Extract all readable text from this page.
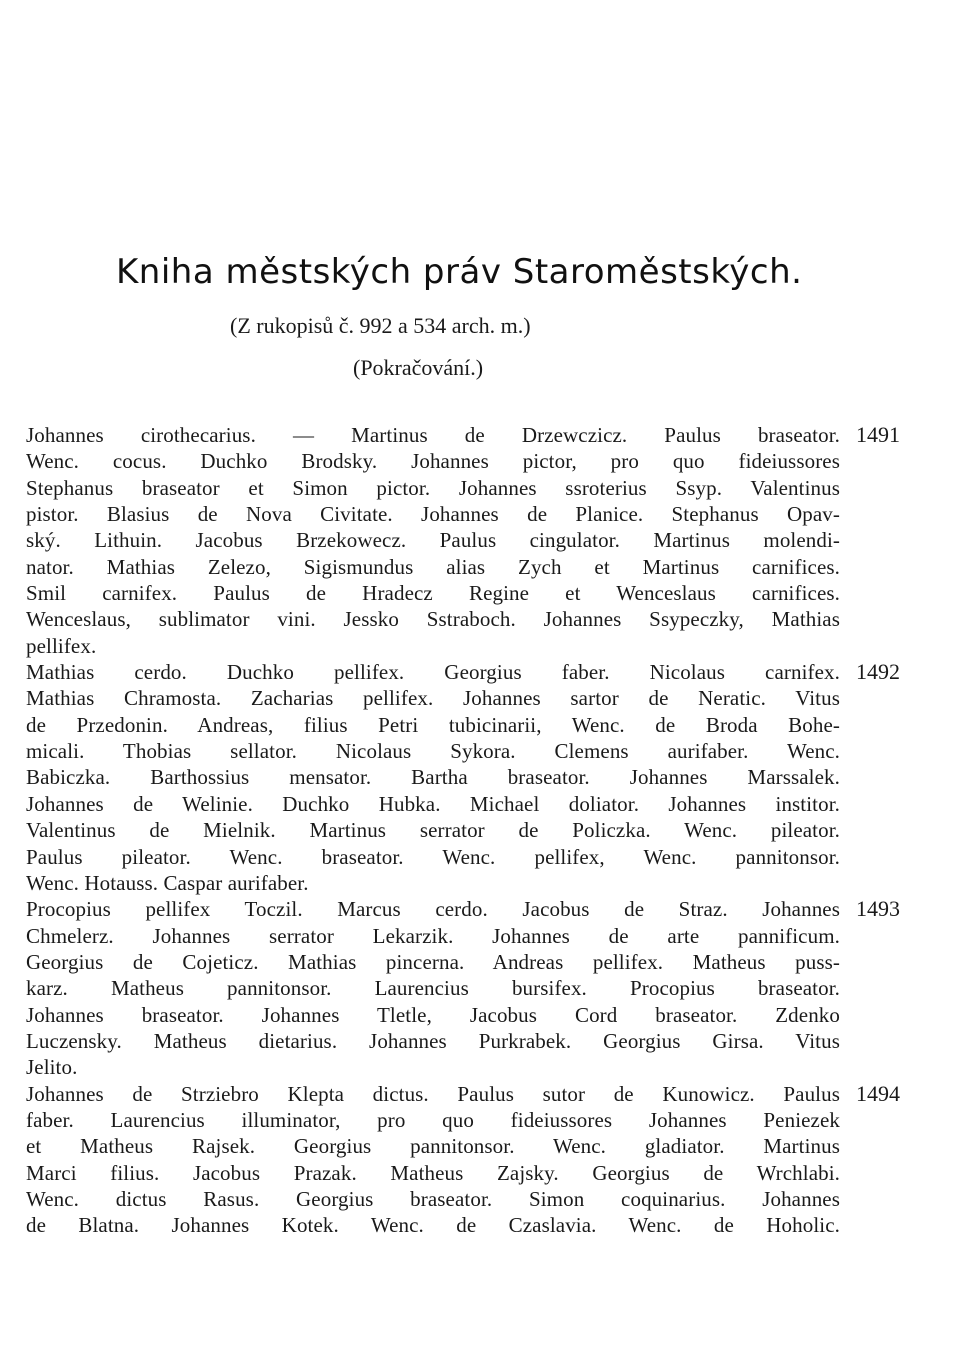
Kniha městských práv Staroměstských.
(Z rukopisů č. 992 a 534 arch. m.)
(Pokračování.)
1491
Johannes cirothecarius. — Martinus de Drzewczicz. Paulus braseator.
Wenc. cocus. Duchko Brodsky. Johannes pictor, pro quo fideiussores
Stephanus braseator et Simon pictor. Johannes ssroterius Ssyp. Valentinus
pistor. Blasius de Nova Civitate. Johannes de Planice. Stephanus Opav-
ský. Lithuin. Jacobus Brzekowecz. Paulus cingulator. Martinus molendi-
nator. Mathias Zelezo, Sigismundus alias Zych et Martinus carnifices.
Smil carnifex. Paulus de Hradecz Regine et Wenceslaus carnifices.
Wenceslaus, sublimator vini. Jessko Sstraboch. Johannes Ssypeczky, Mathias
pellifex.
1492
Mathias cerdo. Duchko pellifex. Georgius faber. Nicolaus carnifex.
Mathias Chramosta. Zacharias pellifex. Johannes sartor de Neratic. Vitus
de Przedonin. Andreas, filius Petri tubicinarii, Wenc. de Broda Bohe-
micali. Thobias sellator. Nicolaus Sykora. Clemens aurifaber. Wenc.
Babiczka. Barthossius mensator. Bartha braseator. Johannes Marssalek.
Johannes de Welinie. Duchko Hubka. Michael doliator. Johannes institor.
Valentinus de Mielnik. Martinus serrator de Policzka. Wenc. pileator.
Paulus pileator. Wenc. braseator. Wenc. pellifex, Wenc. pannitonsor.
Wenc. Hotauss. Caspar aurifaber.
1493
Procopius pellifex Toczil. Marcus cerdo. Jacobus de Straz. Johannes
Chmelerz. Johannes serrator Lekarzik. Johannes de arte pannificum.
Georgius de Cojeticz. Mathias pincerna. Andreas pellifex. Matheus puss-
karz. Matheus pannitonsor. Laurencius bursifex. Procopius braseator.
Johannes braseator. Johannes Tletle, Jacobus Cord braseator. Zdenko
Luczensky. Matheus dietarius. Johannes Purkrabek. Georgius Girsa. Vitus
Jelito.
1494
Johannes de Strziebro Klepta dictus. Paulus sutor de Kunowicz. Paulus
faber. Laurencius illuminator, pro quo fideiussores Johannes Peniezek
et Matheus Rajsek. Georgius pannitonsor. Wenc. gladiator. Martinus
Marci filius. Jacobus Prazak. Matheus Zajsky. Georgius de Wrchlabi.
Wenc. dictus Rasus. Georgius braseator. Simon coquinarius. Johannes
de Blatna. Johannes Kotek. Wenc. de Czaslavia. Wenc. de Hoholic.
